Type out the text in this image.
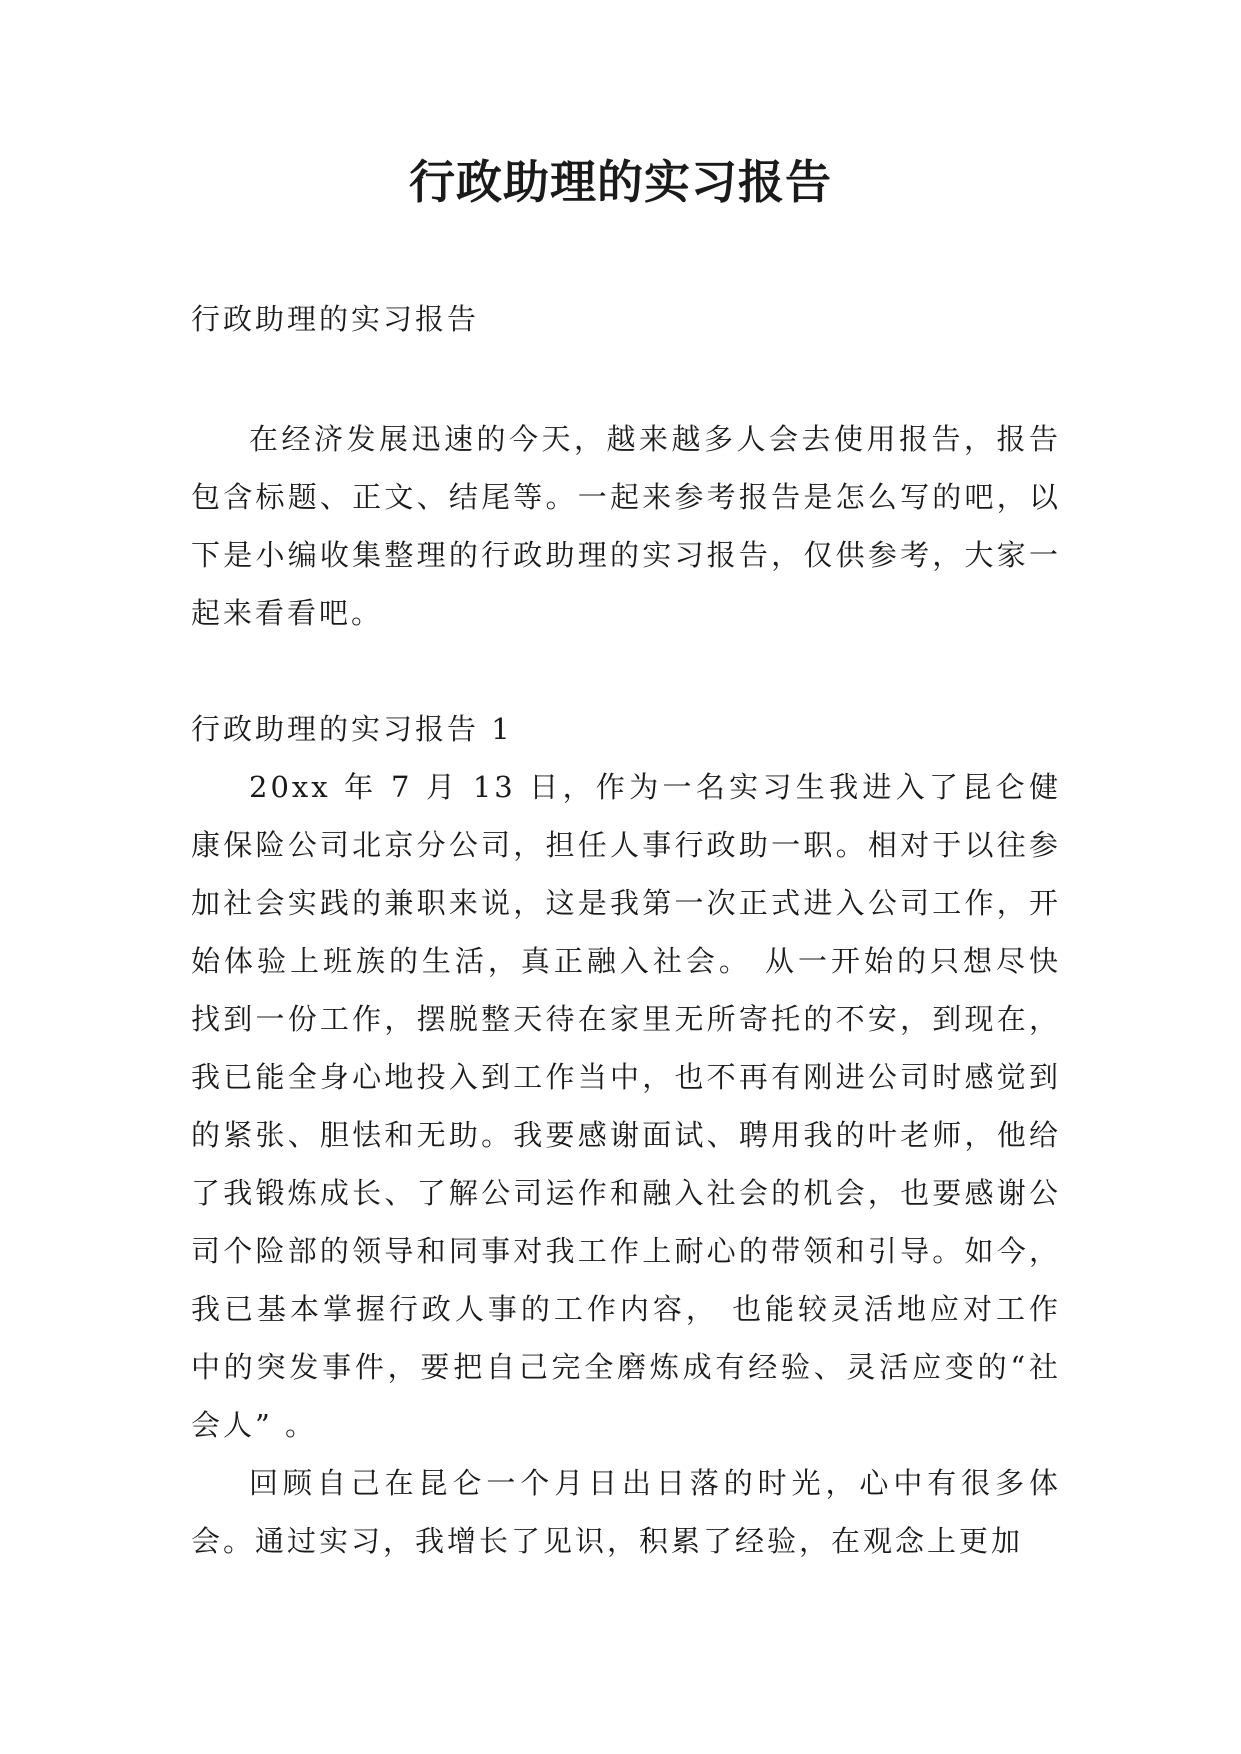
行政助理的实习报告

行政助理的实习报告

在经济发展迅速的今天，越来越多人会去使用报告，报告包含标题、正文、结尾等。一起来参考报告是怎么写的吧，以下是小编收集整理的行政助理的实习报告，仅供参考，大家一起来看看吧。

行政助理的实习报告 1

20xx 年 7 月 13 日，作为一名实习生我进入了昆仑健康保险公司北京分公司，担任人事行政助一职。相对于以往参加社会实践的兼职来说，这是我第一次正式进入公司工作，开始体验上班族的生活，真正融入社会。 从一开始的只想尽快找到一份工作，摆脱整天待在家里无所寄托的不安，到现在，我已能全身心地投入到工作当中，也不再有刚进公司时感觉到的紧张、胆怯和无助。我要感谢面试、聘用我的叶老师，他给了我锻炼成长、了解公司运作和融入社会的机会，也要感谢公司个险部的领导和同事对我工作上耐心的带领和引导。如今，我已基本掌握行政人事的工作内容， 也能较灵活地应对工作中的突发事件，要把自己完全磨炼成有经验、灵活应变的“社会人” 。

回顾自己在昆仑一个月日出日落的时光，心中有很多体会。通过实习，我增长了见识，积累了经验，在观念上更加
